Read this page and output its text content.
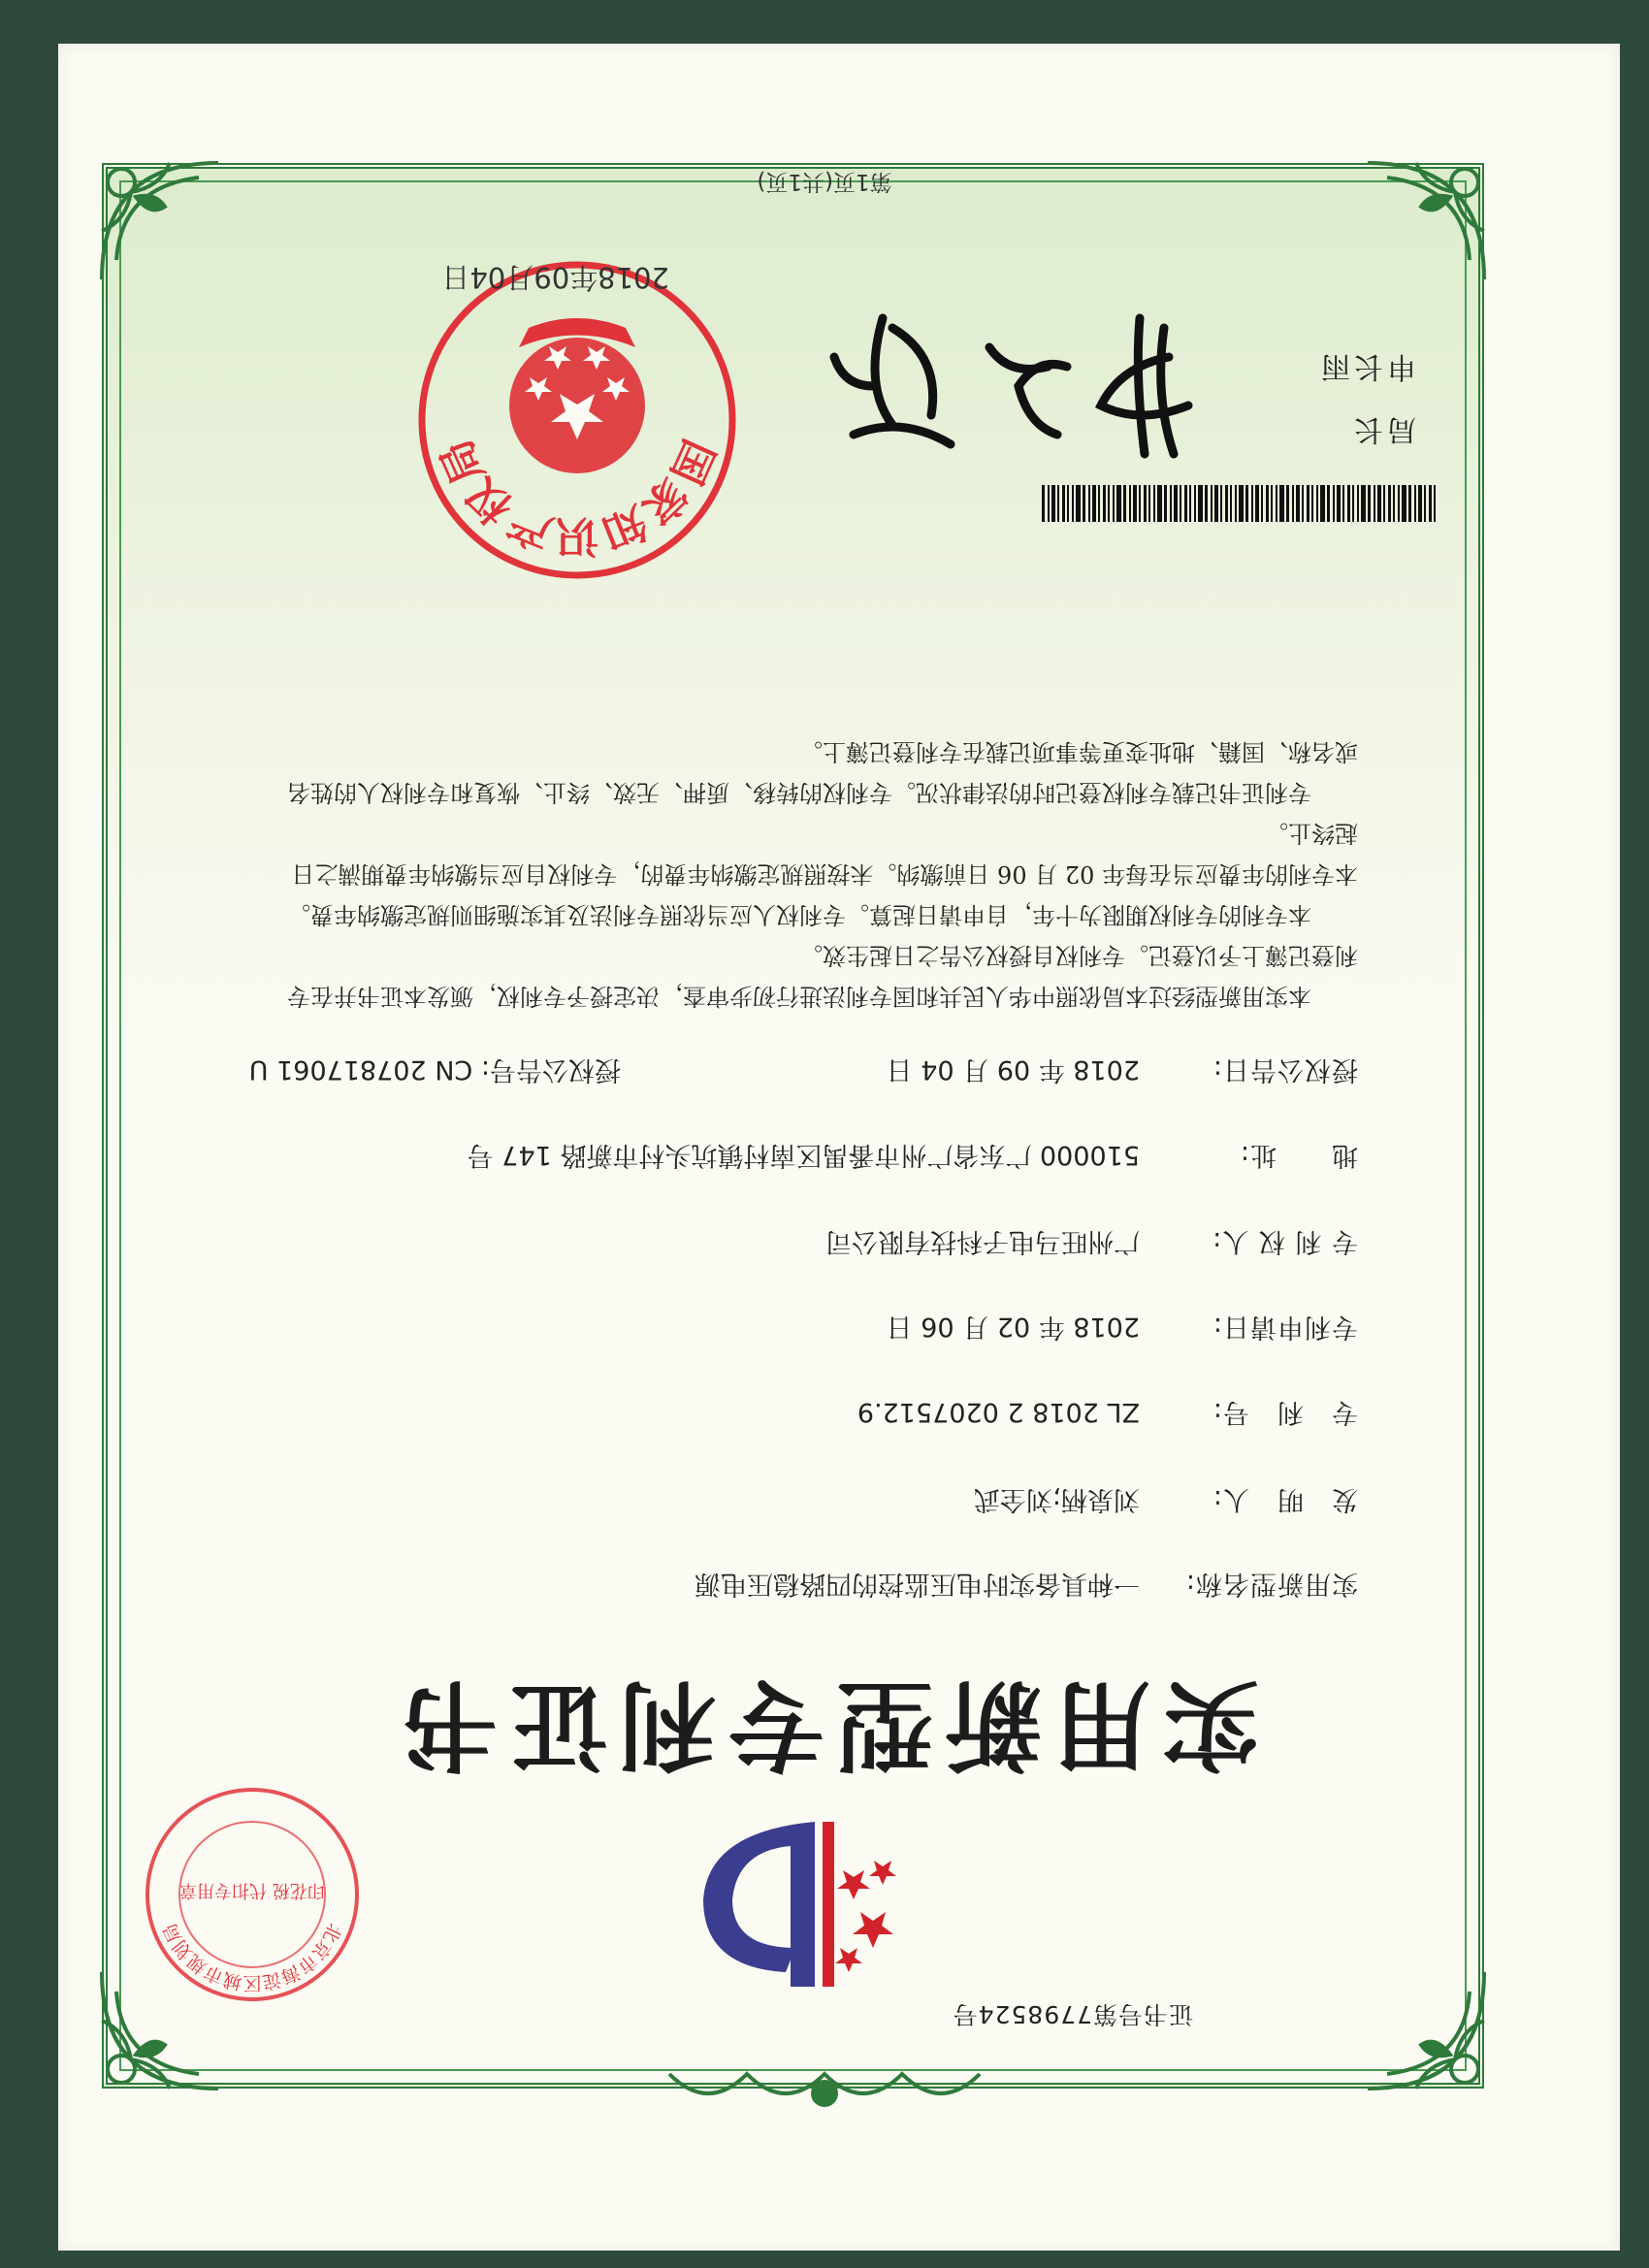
证书号第7798524号
实用新型专利证书
实用新型名称:一种具备实时电压监控的四路稳压电源
发　明　人:刘泉柄;刘全武
专　利　号:ZL 2018 2 0207512.9
专利申请日:2018 年 02 月 06 日
专 利 权 人:广州旺马电子科技有限公司
地　　址:510000 广东省广州市番禺区南村镇坑头村市新路 147 号
授权公告日:2018 年 09 月 04 日
授权公告号: CN 207817061 U

本实用新型经过本局依照中华人民共和国专利法进行初步审查，决定授予专利权，颁发本证书并在专利登记簿上予以登记。专利权自授权公告之日起生效。

本专利的专利权期限为十年，自申请日起算。专利权人应当依照专利法及其实施细则规定缴纳年费。本专利的年费应当在每年 02 月 06 日前缴纳。未按照规定缴纳年费的，专利权自应当缴纳年费期满之日起终止。

专利证书记载专利权登记时的法律状况。专利权的转移、质押、无效、终止、恢复和专利权人的姓名或名称、国籍、地址变更等事项记载在专利登记簿上。

局长
申长雨
国家知识产权局
2018年09月04日
第1页(共1页)
北京市海淀区城市规划局
印花税 代扣专用章
